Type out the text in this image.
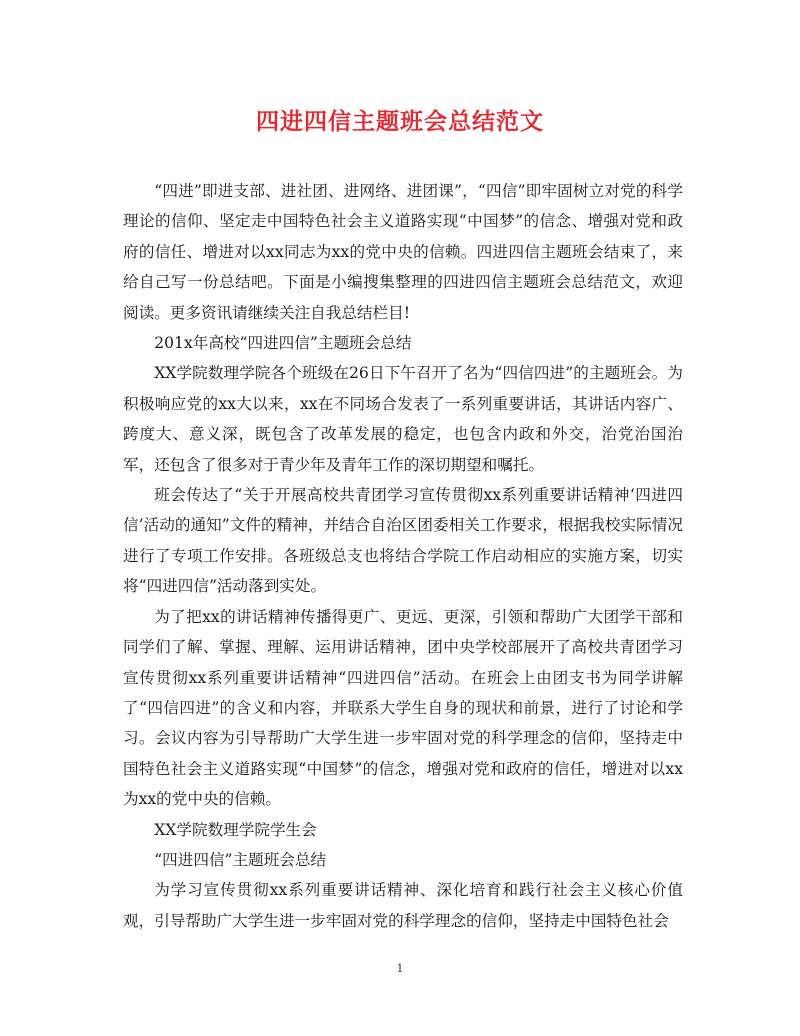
四进四信主题班会总结范文

“四进”即进支部、进社团、进网络、进团课”，“四信”即牢固树立对党的科学理论的信仰、坚定走中国特色社会主义道路实现“中国梦”的信念、增强对党和政府的信任、增进对以xx同志为xx的党中央的信赖。四进四信主题班会结束了，来给自己写一份总结吧。下面是小编搜集整理的四进四信主题班会总结范文，欢迎阅读。更多资讯请继续关注自我总结栏目!

201x年高校“四进四信”主题班会总结

XX学院数理学院各个班级在26日下午召开了名为“四信四进”的主题班会。为积极响应党的xx大以来，xx在不同场合发表了一系列重要讲话，其讲话内容广、跨度大、意义深，既包含了改革发展的稳定，也包含内政和外交，治党治国治军，还包含了很多对于青少年及青年工作的深切期望和嘱托。

班会传达了“关于开展高校共青团学习宣传贯彻xx系列重要讲话精神‘四进四信’活动的通知”文件的精神，并结合自治区团委相关工作要求，根据我校实际情况进行了专项工作安排。各班级总支也将结合学院工作启动相应的实施方案，切实将“四进四信”活动落到实处。

为了把xx的讲话精神传播得更广、更远、更深，引领和帮助广大团学干部和同学们了解、掌握、理解、运用讲话精神，团中央学校部展开了高校共青团学习宣传贯彻xx系列重要讲话精神“四进四信”活动。在班会上由团支书为同学讲解了“四信四进”的含义和内容，并联系大学生自身的现状和前景，进行了讨论和学习。会议内容为引导帮助广大学生进一步牢固对党的科学理念的信仰，坚持走中国特色社会主义道路实现“中国梦”的信念，增强对党和政府的信任，增进对以xx为xx的党中央的信赖。

XX学院数理学院学生会

“四进四信”主题班会总结

为学习宣传贯彻xx系列重要讲话精神、深化培育和践行社会主义核心价值观，引导帮助广大学生进一步牢固对党的科学理念的信仰，坚持走中国特色社会

1
